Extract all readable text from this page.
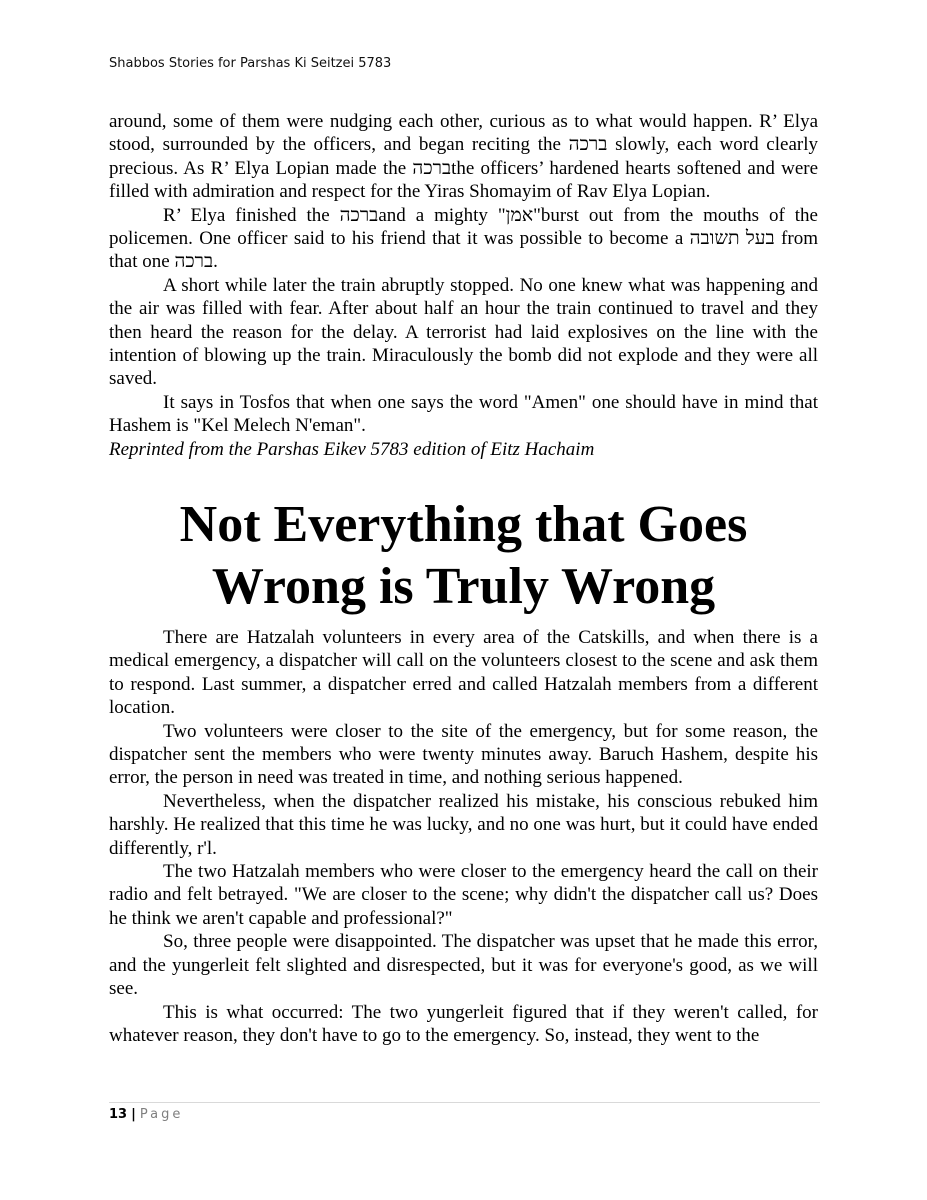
Shabbos Stories for Parshas Ki Seitzei 5783

around, some of them were nudging each other, curious as to what would happen. R’ Elya stood, surrounded by the officers, and began reciting the ברכה slowly, each word clearly precious. As R’ Elya Lopian made the ברכהthe officers’ hardened hearts softened and were filled with admiration and respect for the Yiras Shomayim of Rav Elya Lopian.

R’ Elya finished the ברכהand a mighty "אמן"burst out from the mouths of the policemen. One officer said to his friend that it was possible to become a בעל תשובה from that one ברכה.

A short while later the train abruptly stopped. No one knew what was happening and the air was filled with fear. After about half an hour the train continued to travel and they then heard the reason for the delay. A terrorist had laid explosives on the line with the intention of blowing up the train. Miraculously the bomb did not explode and they were all saved.

It says in Tosfos that when one says the word "Amen" one should have in mind that Hashem is "Kel Melech N'eman".

Reprinted from the Parshas Eikev 5783 edition of Eitz Hachaim

Not Everything that Goes
Wrong is Truly Wrong

There are Hatzalah volunteers in every area of the Catskills, and when there is a medical emergency, a dispatcher will call on the volunteers closest to the scene and ask them to respond. Last summer, a dispatcher erred and called Hatzalah members from a different location.

Two volunteers were closer to the site of the emergency, but for some reason, the dispatcher sent the members who were twenty minutes away. Baruch Hashem, despite his error, the person in need was treated in time, and nothing serious happened.

Nevertheless, when the dispatcher realized his mistake, his conscious rebuked him harshly. He realized that this time he was lucky, and no one was hurt, but it could have ended differently, r'l.

The two Hatzalah members who were closer to the emergency heard the call on their radio and felt betrayed. "We are closer to the scene; why didn't the dispatcher call us? Does he think we aren't capable and professional?"

So, three people were disappointed. The dispatcher was upset that he made this error, and the yungerleit felt slighted and disrespected, but it was for everyone's good, as we will see.

This is what occurred: The two yungerleit figured that if they weren't called, for whatever reason, they don't have to go to the emergency. So, instead, they went to the

13 | Page
